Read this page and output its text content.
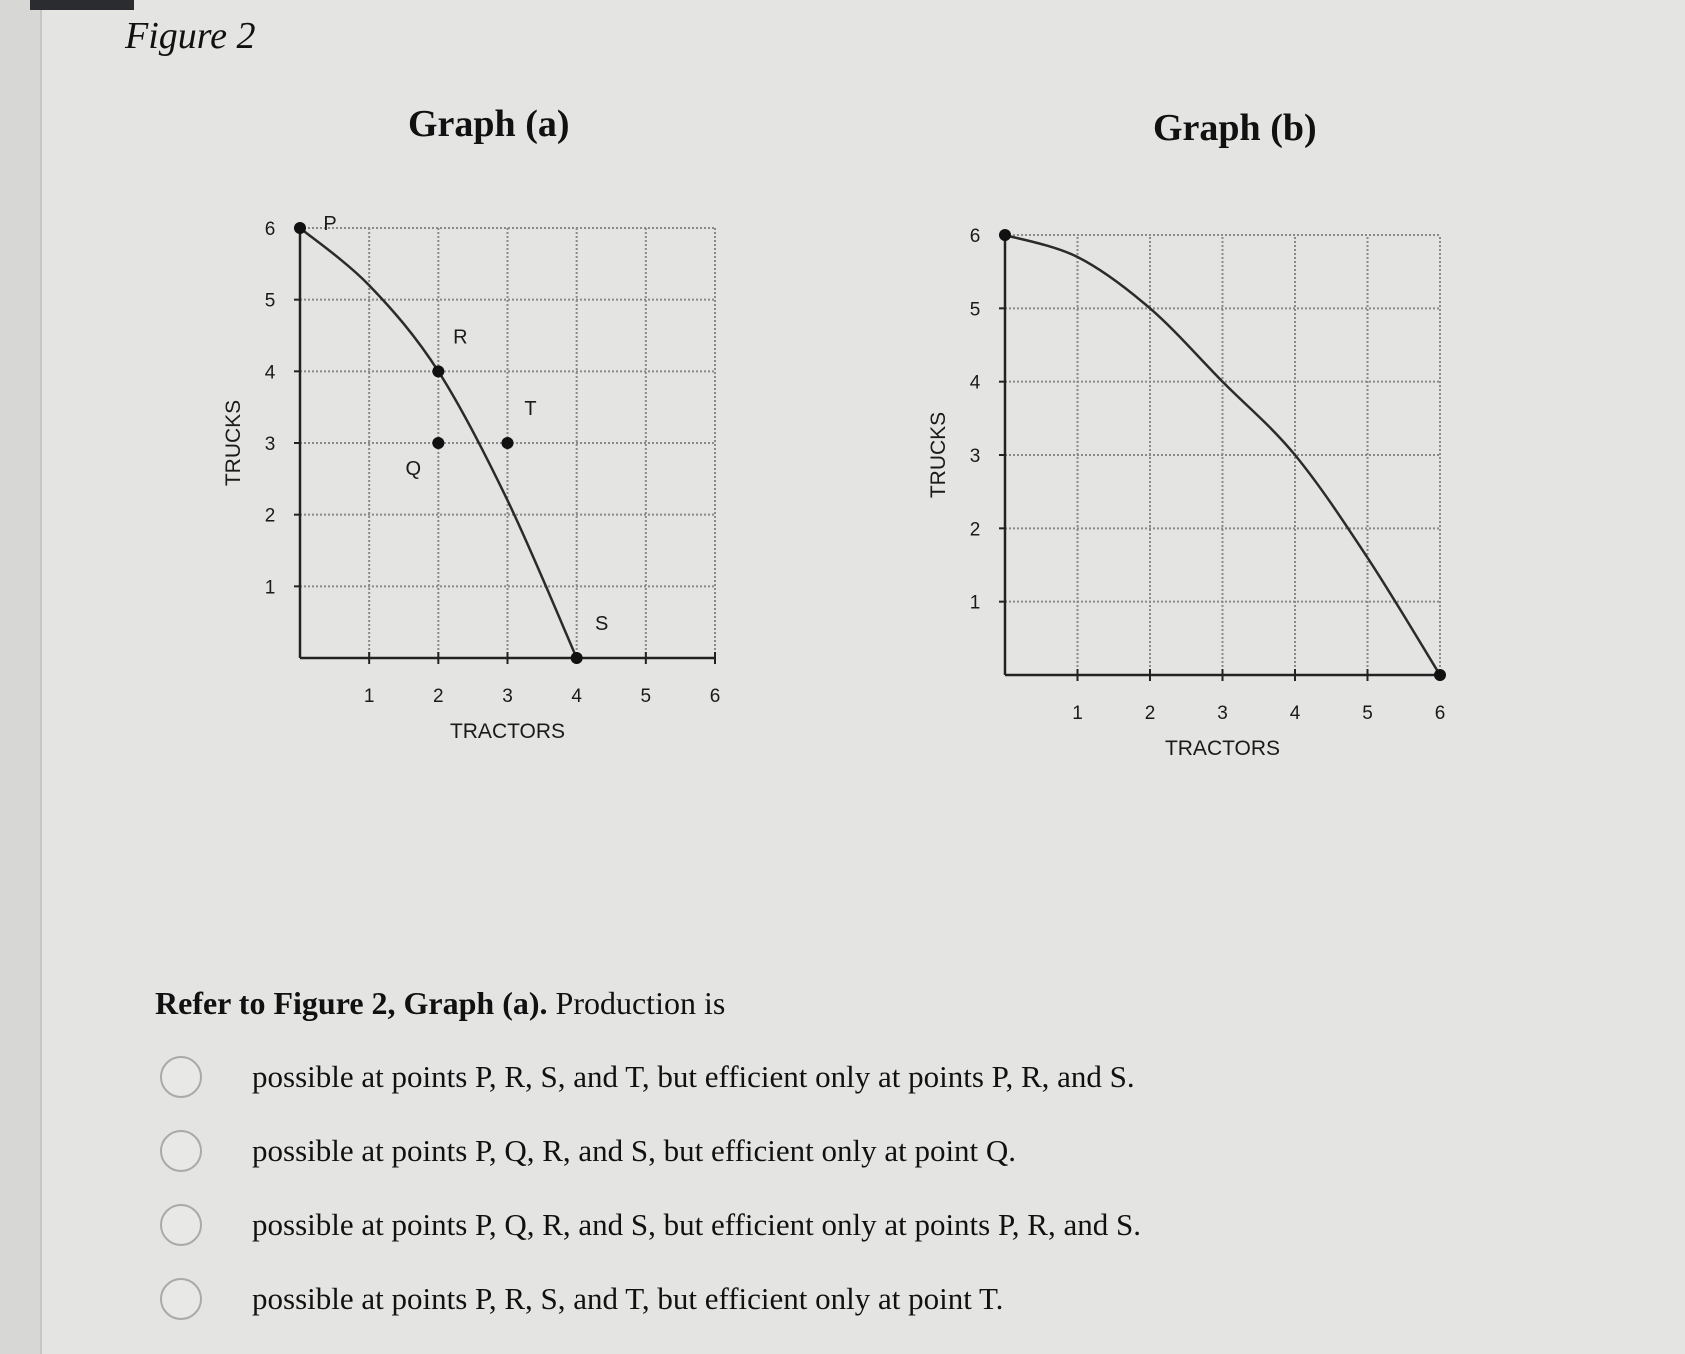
Figure 2
Graph (a)	Graph (b)
1	2	3	4	5	6
1
2
3
4
5
6
TRACTORS
TRUCKS
P
Q
R
S
T
1	2	3	4	5	6
1
2
3
4
5
6
TRACTORS
TRUCKS
Refer to Figure 2, Graph (a). Production is
possible at points P, R, S, and T, but efficient only at points P, R, and S.
possible at points P, Q, R, and S, but efficient only at point Q.
possible at points P, Q, R, and S, but efficient only at points P, R, and S.
possible at points P, R, S, and T, but efficient only at point T.
